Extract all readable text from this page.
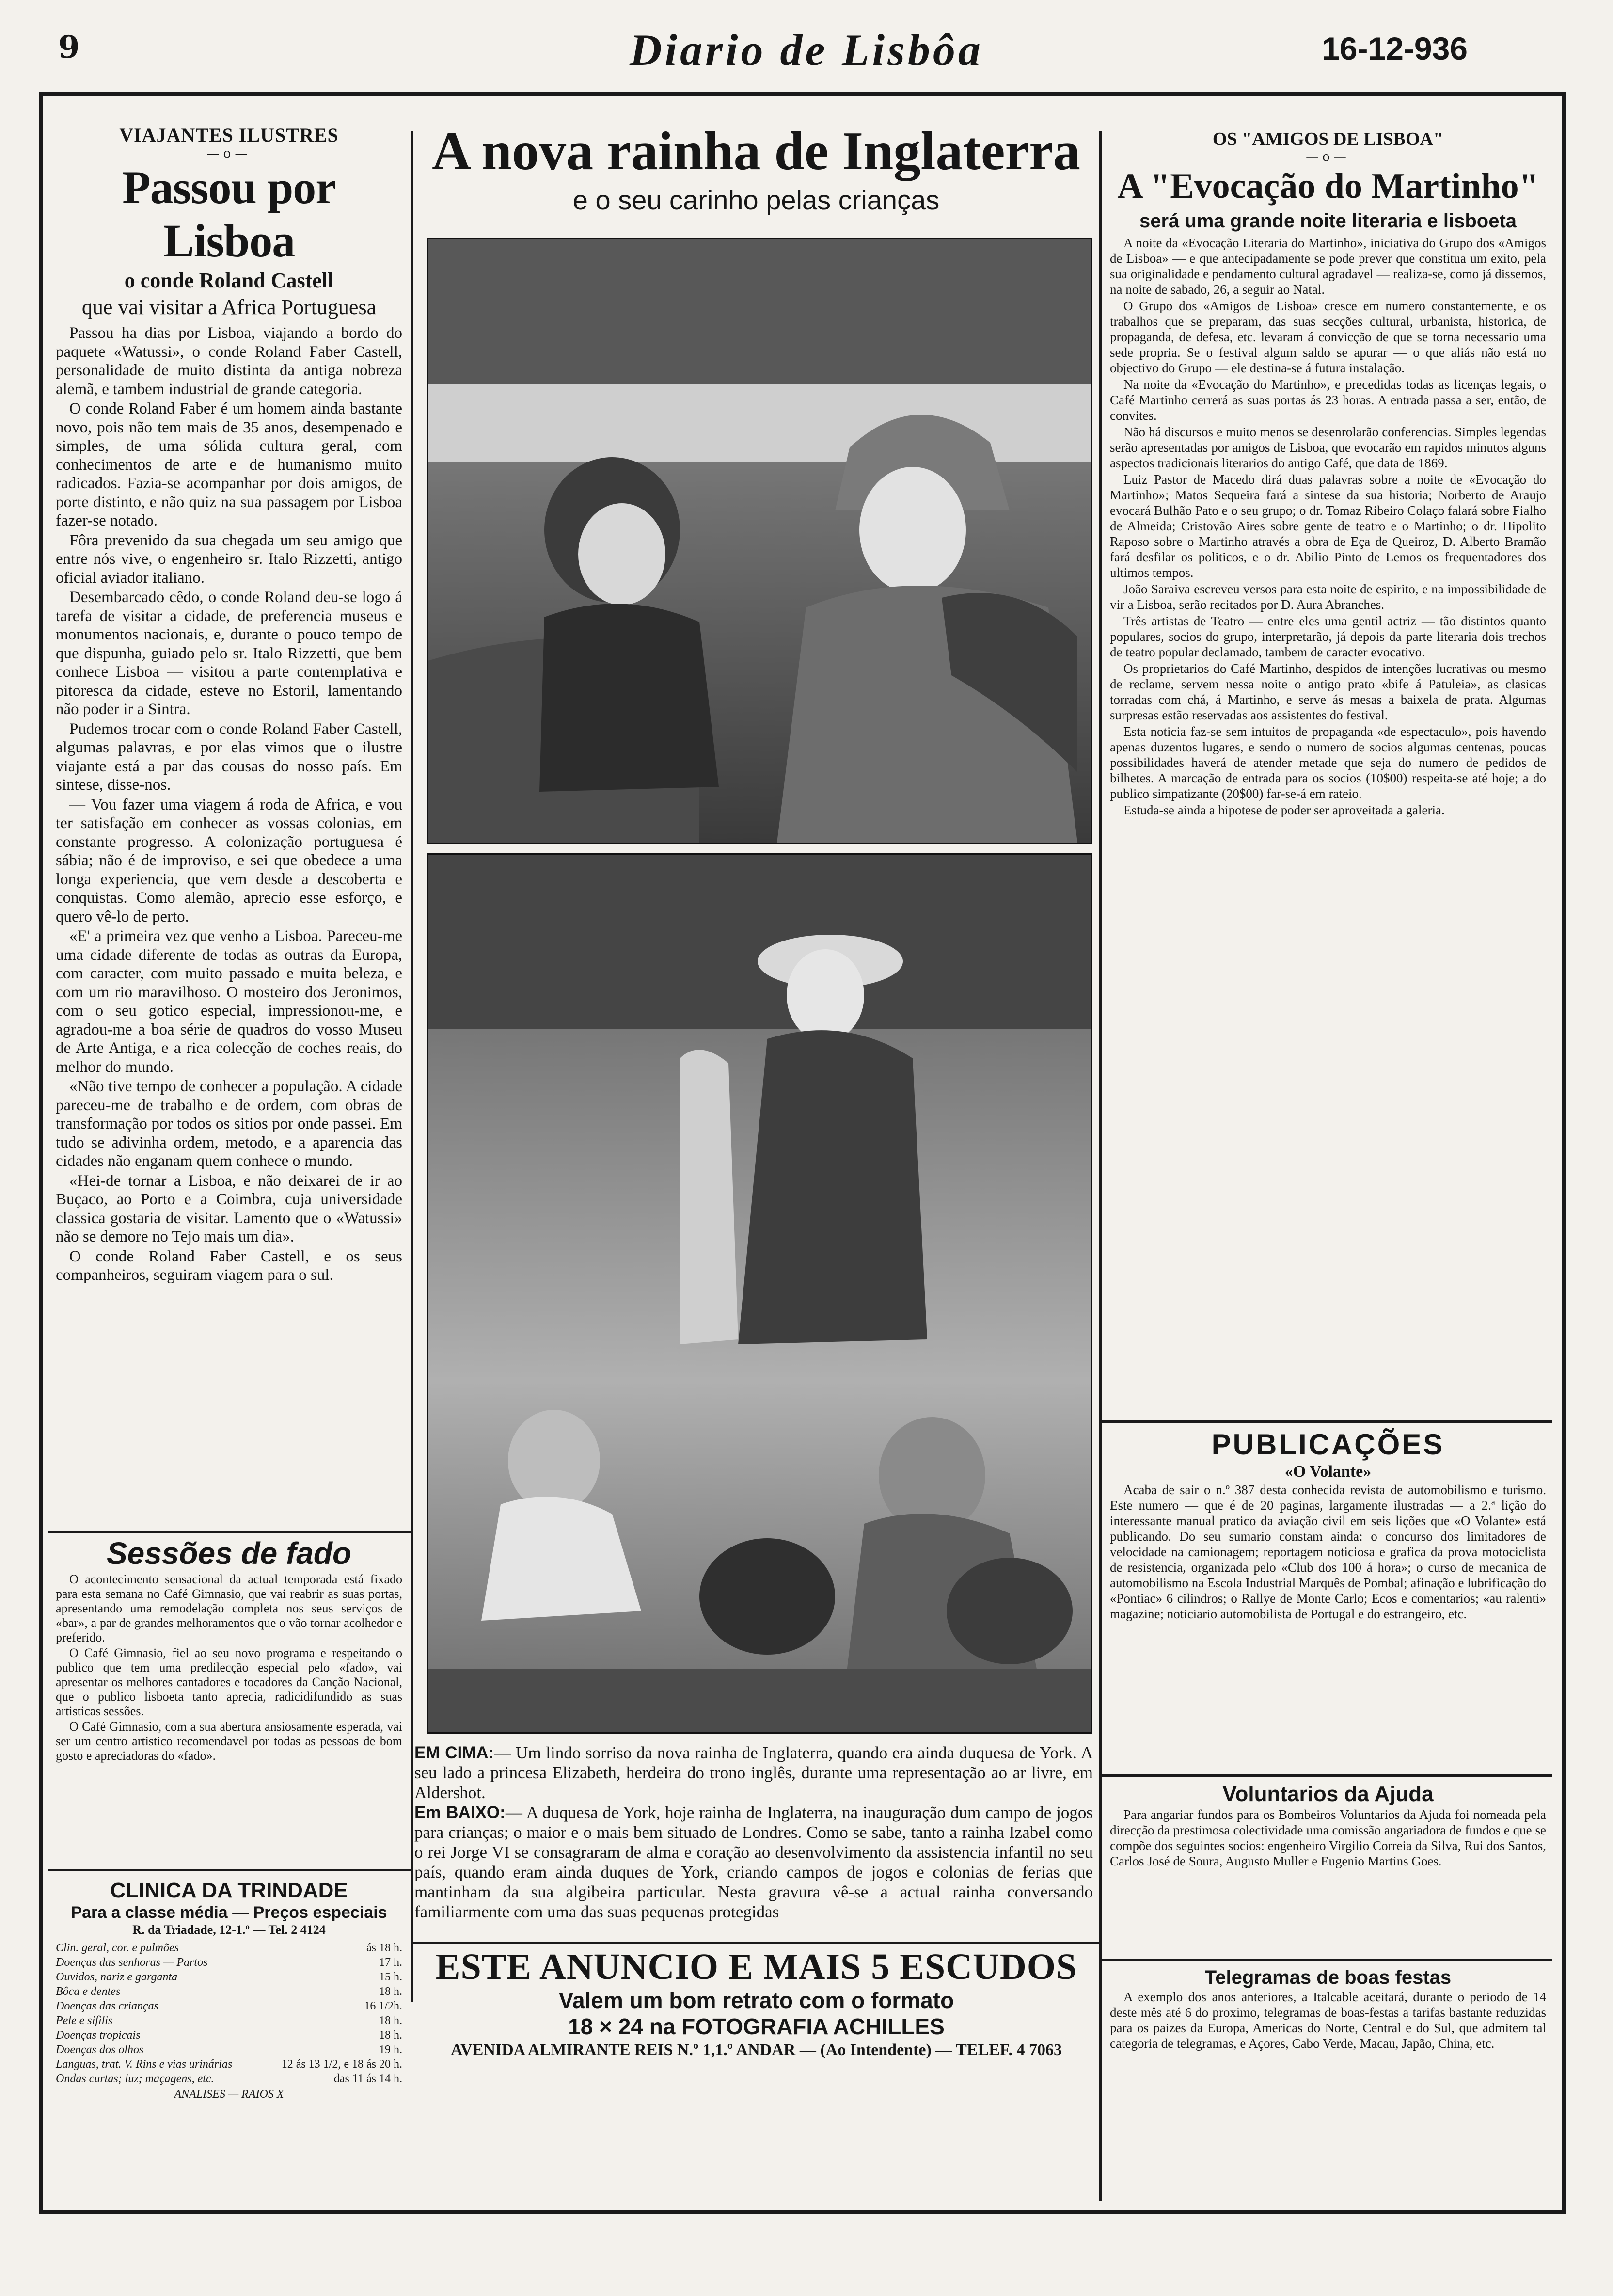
9	Diario de Lisbôa	16-12-936
VIAJANTES ILUSTRES
—o—
Passou por Lisboa
o conde Roland Castell
que vai visitar a Africa Portuguesa

Passou ha dias por Lisboa, viajando a bordo do paquete «Watussi», o conde Roland Faber Castell, personalidade de muito distinta da antiga nobreza alemã, e tambem industrial de grande categoria.

O conde Roland Faber é um homem ainda bastante novo, pois não tem mais de 35 anos, desempenado e simples, de uma sólida cultura geral, com conhecimentos de arte e de humanismo muito radicados. Fazia-se acompanhar por dois amigos, de porte distinto, e não quiz na sua passagem por Lisboa fazer-se notado.

Fôra prevenido da sua chegada um seu amigo que entre nós vive, o engenheiro sr. Italo Rizzetti, antigo oficial aviador italiano.

Desembarcado cêdo, o conde Roland deu-se logo á tarefa de visitar a cidade, de preferencia museus e monumentos nacionais, e, durante o pouco tempo de que dispunha, guiado pelo sr. Italo Rizzetti, que bem conhece Lisboa — visitou a parte contemplativa e pitoresca da cidade, esteve no Estoril, lamentando não poder ir a Sintra.

Pudemos trocar com o conde Roland Faber Castell, algumas palavras, e por elas vimos que o ilustre viajante está a par das cousas do nosso país. Em sintese, disse-nos.

— Vou fazer uma viagem á roda de Africa, e vou ter satisfação em conhecer as vossas colonias, em constante progresso. A colonização portuguesa é sábia; não é de improviso, e sei que obedece a uma longa experiencia, que vem desde a descoberta e conquistas. Como alemão, aprecio esse esforço, e quero vê-lo de perto.

«E' a primeira vez que venho a Lisboa. Pareceu-me uma cidade diferente de todas as outras da Europa, com caracter, com muito passado e muita beleza, e com um rio maravilhoso. O mosteiro dos Jeronimos, com o seu gotico especial, impressionou-me, e agradou-me a boa série de quadros do vosso Museu de Arte Antiga, e a rica colecção de coches reais, do melhor do mundo.

«Não tive tempo de conhecer a população. A cidade pareceu-me de trabalho e de ordem, com obras de transformação por todos os sitios por onde passei. Em tudo se adivinha ordem, metodo, e a aparencia das cidades não enganam quem conhece o mundo.

«Hei-de tornar a Lisboa, e não deixarei de ir ao Buçaco, ao Porto e a Coimbra, cuja universidade classica gostaria de visitar. Lamento que o «Watussi» não se demore no Tejo mais um dia».

O conde Roland Faber Castell, e os seus companheiros, seguiram viagem para o sul.

Sessões de fado

O acontecimento sensacional da actual temporada está fixado para esta semana no Café Gimnasio, que vai reabrir as suas portas, apresentando uma remodelação completa nos seus serviços de «bar», a par de grandes melhoramentos que o vão tornar acolhedor e preferido.

O Café Gimnasio, fiel ao seu novo programa e respeitando o publico que tem uma predilecção especial pelo «fado», vai apresentar os melhores cantadores e tocadores da Canção Nacional, que o publico lisboeta tanto aprecia, radicidifundido as suas artisticas sessões.

O Café Gimnasio, com a sua abertura ansiosamente esperada, vai ser um centro artistico recomendavel por todas as pessoas de bom gosto e apreciadoras do «fado».

CLINICA DA TRINDADE
Para a classe média — Preços especiais
R. da Triadade, 12-1.º — Tel. 2 4124
Clin. geral, cor. e pulmões	ás 18 h.
Doenças das senhoras — Partos	17 h.
Ouvidos, nariz e garganta	15 h.
Bôca e dentes	18 h.
Doenças das crianças	16 1/2h.
Pele e sifilis	18 h.
Doenças tropicais	18 h.
Doenças dos olhos	19 h.
Languas, trat. V. Rins e vias urinárias	12 ás 13 1/2, e 18 ás 20 h.
Ondas curtas; luz; maçagens, etc.	das 11 ás 14 h.
ANALISES — RAIOS X
A nova rainha de Inglaterra
e o seu carinho pelas crianças

EM CIMA:— Um lindo sorriso da nova rainha de Inglaterra, quando era ainda duquesa de York. A seu lado a princesa Elizabeth, herdeira do trono inglês, durante uma representação ao ar livre, em Aldershot.

Em BAIXO:— A duquesa de York, hoje rainha de Inglaterra, na inauguração dum campo de jogos para crianças; o maior e o mais bem situado de Londres. Como se sabe, tanto a rainha Izabel como o rei Jorge VI se consagraram de alma e coração ao desenvolvimento da assistencia infantil no seu país, quando eram ainda duques de York, criando campos de jogos e colonias de ferias que mantinham da sua algibeira particular. Nesta gravura vê-se a actual rainha conversando familiarmente com uma das suas pequenas protegidas

ESTE ANUNCIO E MAIS 5 ESCUDOS
Valem um bom retrato com o formato
18 × 24 na FOTOGRAFIA ACHILLES
AVENIDA ALMIRANTE REIS N.º 1,1.º ANDAR — (Ao Intendente) — TELEF. 4 7063
OS "AMIGOS DE LISBOA"
—o—
A "Evocação do Martinho"
será uma grande noite literaria e lisboeta

A noite da «Evocação Literaria do Martinho», iniciativa do Grupo dos «Amigos de Lisboa» — e que antecipadamente se pode prever que constitua um exito, pela sua originalidade e pendamento cultural agradavel — realiza-se, como já dissemos, na noite de sabado, 26, a seguir ao Natal.

O Grupo dos «Amigos de Lisboa» cresce em numero constantemente, e os trabalhos que se preparam, das suas secções cultural, urbanista, historica, de propaganda, de defesa, etc. levaram á convicção de que se torna necessario uma sede propria. Se o festival algum saldo se apurar — o que aliás não está no objectivo do Grupo — ele destina-se á futura instalação.

Na noite da «Evocação do Martinho», e precedidas todas as licenças legais, o Café Martinho cerrerá as suas portas ás 23 horas. A entrada passa a ser, então, de convites.

Não há discursos e muito menos se desenrolarão conferencias. Simples legendas serão apresentadas por amigos de Lisboa, que evocarão em rapidos minutos alguns aspectos tradicionais literarios do antigo Café, que data de 1869.

Luiz Pastor de Macedo dirá duas palavras sobre a noite de «Evocação do Martinho»; Matos Sequeira fará a sintese da sua historia; Norberto de Araujo evocará Bulhão Pato e o seu grupo; o dr. Tomaz Ribeiro Colaço falará sobre Fialho de Almeida; Cristovão Aires sobre gente de teatro e o Martinho; o dr. Hipolito Raposo sobre o Martinho através a obra de Eça de Queiroz, D. Alberto Bramão fará desfilar os politicos, e o dr. Abilio Pinto de Lemos os frequentadores dos ultimos tempos.

João Saraiva escreveu versos para esta noite de espirito, e na impossibilidade de vir a Lisboa, serão recitados por D. Aura Abranches.

Três artistas de Teatro — entre eles uma gentil actriz — tão distintos quanto populares, socios do grupo, interpretarão, já depois da parte literaria dois trechos de teatro popular declamado, tambem de caracter evocativo.

Os proprietarios do Café Martinho, despidos de intenções lucrativas ou mesmo de reclame, servem nessa noite o antigo prato «bife á Patuleia», as clasicas torradas com chá, á Martinho, e serve ás mesas a baixela de prata. Algumas surpresas estão reservadas aos assistentes do festival.

Esta noticia faz-se sem intuitos de propaganda «de espectaculo», pois havendo apenas duzentos lugares, e sendo o numero de socios algumas centenas, poucas possibilidades haverá de atender metade que seja do numero de pedidos de bilhetes. A marcação de entrada para os socios (10$00) respeita-se até hoje; a do publico simpatizante (20$00) far-se-á em rateio.

Estuda-se ainda a hipotese de poder ser aproveitada a galeria.

PUBLICAÇÕES
«O Volante»

Acaba de sair o n.º 387 desta conhecida revista de automobilismo e turismo. Este numero — que é de 20 paginas, largamente ilustradas — a 2.ª lição do interessante manual pratico da aviação civil em seis lições que «O Volante» está publicando. Do seu sumario constam ainda: o concurso dos limitadores de velocidade na camionagem; reportagem noticiosa e grafica da prova motociclista de resistencia, organizada pelo «Club dos 100 á hora»; o curso de mecanica de automobilismo na Escola Industrial Marquês de Pombal; afinação e lubrificação do «Pontiac» 6 cilindros; o Rallye de Monte Carlo; Ecos e comentarios; «au ralenti» magazine; noticiario automobilista de Portugal e do estrangeiro, etc.

Voluntarios da Ajuda

Para angariar fundos para os Bombeiros Voluntarios da Ajuda foi nomeada pela direcção da prestimosa colectividade uma comissão angariadora de fundos e que se compõe dos seguintes socios: engenheiro Virgilio Correia da Silva, Rui dos Santos, Carlos José de Soura, Augusto Muller e Eugenio Martins Goes.

Telegramas de boas festas

A exemplo dos anos anteriores, a Italcable aceitará, durante o periodo de 14 deste mês até 6 do proximo, telegramas de boas-festas a tarifas bastante reduzidas para os paizes da Europa, Americas do Norte, Central e do Sul, que admitem tal categoria de telegramas, e Açores, Cabo Verde, Macau, Japão, China, etc.
